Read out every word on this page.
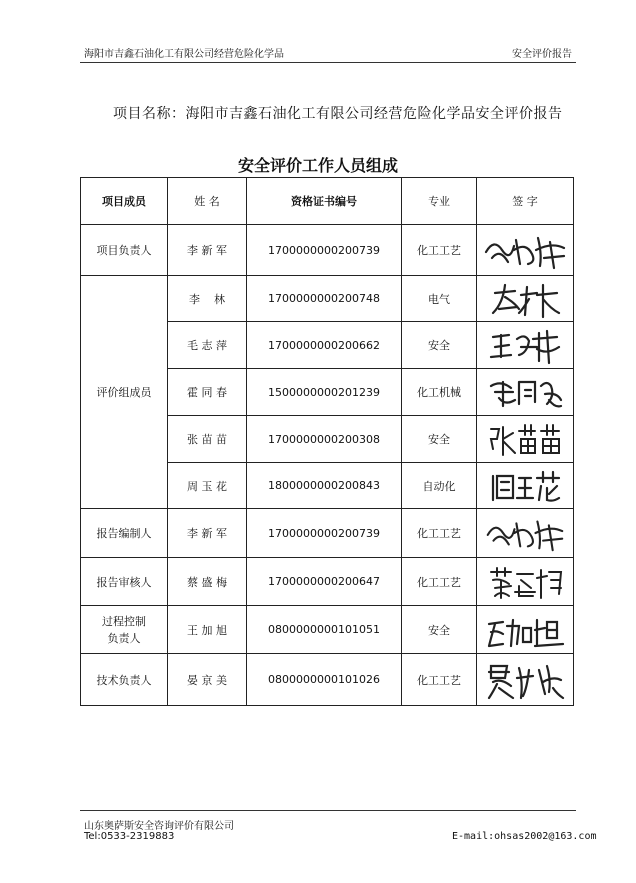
海阳市吉鑫石油化工有限公司经营危险化学品	安全评价报告
项目名称：海阳市吉鑫石油化工有限公司经营危险化学品安全评价报告
安全评价工作人员组成
项目成员	姓 名	资格证书编号	专业	签 字
项目负责人	李 新 军	1700000000200739	化工工艺	

评价组成员	李    林	1700000000200748	电气	

	毛 志 萍	1700000000200662	安全	

	霍 同 春	1500000000201239	化工机械	

	张 苗 苗	1700000000200308	安全	

	周 玉 花	1800000000200843	自动化	

报告编制人	李 新 军	1700000000200739	化工工艺	

报告审核人	蔡 盛 梅	1700000000200647	化工工艺	

过程控制
负责人	王 加 旭	0800000000101051	安全	

技术负责人	晏 京 美	0800000000101026	化工工艺	
山东奥萨斯安全咨询评价有限公司
Tel:0533-2319883	E-mail:ohsas2002@163.com
